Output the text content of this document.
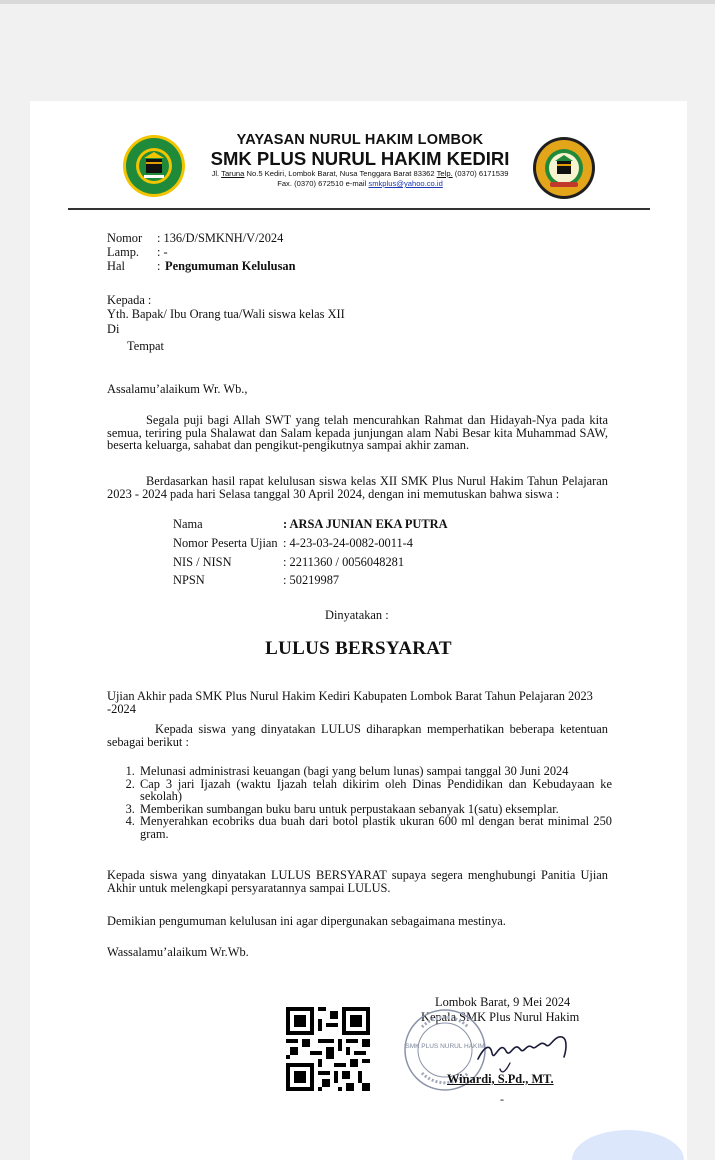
YAYASAN NURUL HAKIM LOMBOK
SMK PLUS NURUL HAKIM KEDIRI
Jl. Taruna No.5 Kediri, Lombok Barat, Nusa Tenggara Barat 83362 Telp. (0370) 6171539
Fax. (0370) 672510 e-mail smkplus@yahoo.co.id
Nomor : 136/D/SMKNH/V/2024
Lamp. : -
Hal	: Pengumuman Kelulusan
Kepada :
Yth. Bapak/ Ibu Orang tua/Wali siswa kelas XII
Di
Tempat
Assalamu’alaikum Wr. Wb.,
Segala puji bagi Allah SWT yang telah mencurahkan Rahmat dan Hidayah-Nya pada kita semua, teriring pula Shalawat dan Salam kepada junjungan alam Nabi Besar kita Muhammad SAW, beserta keluarga, sahabat dan pengikut-pengikutnya sampai akhir zaman.
Berdasarkan hasil rapat kelulusan siswa kelas XII SMK Plus Nurul Hakim Tahun Pelajaran 2023 - 2024 pada hari Selasa tanggal 30 April 2024, dengan ini memutuskan bahwa siswa :
Nama	: ARSA JUNIAN EKA PUTRA
Nomor Peserta Ujian : 4-23-03-24-0082-0011-4
NIS / NISN	: 2211360 / 0056048281
NPSN	: 50219987
Dinyatakan :
LULUS BERSYARAT
Ujian Akhir pada SMK Plus Nurul Hakim Kediri Kabupaten Lombok Barat Tahun Pelajaran 2023 -2024
Kepada siswa yang dinyatakan LULUS diharapkan memperhatikan beberapa ketentuan sebagai berikut :
1. Melunasi administrasi keuangan (bagi yang belum lunas) sampai tanggal 30 Juni 2024
2. Cap 3 jari Ijazah (waktu Ijazah telah dikirim oleh Dinas Pendidikan dan Kebudayaan ke sekolah)
3. Memberikan sumbangan buku baru untuk perpustakaan sebanyak 1(satu) eksemplar.
4. Menyerahkan ecobriks dua buah dari botol plastik ukuran 600 ml dengan berat minimal 250 gram.
Kepada siswa yang dinyatakan LULUS BERSYARAT supaya segera menghubungi Panitia Ujian Akhir untuk melengkapi persyaratannya sampai LULUS.
Demikian pengumuman kelulusan ini agar dipergunakan sebagaimana mestinya.
Wassalamu’alaikum Wr.Wb.
Lombok Barat, 9 Mei 2024
Kepala SMK Plus Nurul Hakim
SMK PLUS NURUL HAKIM
Winardi, S.Pd., MT.
-
